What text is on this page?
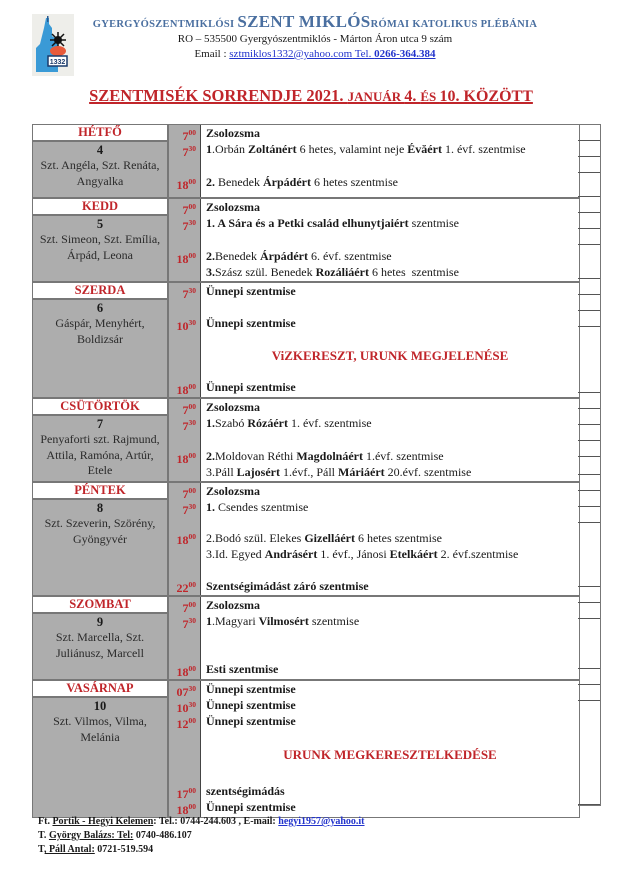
1332
GYERGYÓSZENTMIKLÓSI SZENT MIKLÓSRÓMAI KATOLIKUS PLÉBÁNIA
RO – 535500 Gyergyószentmiklós - Márton Áron utca 9 szám
Email : sztmiklos1332@yahoo.com Tel. 0266-364.384
SZENTMISÉK SORRENDJE 2021. JANUÁR 4. ÉS 10. KÖZÖTT
HÉTFŐ
4
Szt. Angéla, Szt. Renáta, Angyalka
$7^{00}$
$7^{30}$
$18^{00}$
Zsolozsma
1.Orbán Zoltánért 6 hetes, valamint neje Évăért 1. évf. szentmise
2. Benedek Árpádért 6 hetes szentmise
KEDD
5
Szt. Simeon, Szt. Emília, Árpád, Leona
$7^{00}$
$7^{30}$
$18^{00}$
Zsolozsma
1. A Sára és a Petki család elhunytjaiért szentmise
2.Benedek Árpádért 6. évf. szentmise
3.Szász szül. Benedek Rozáliáért 6 hetes  szentmise
SZERDA
6
Gáspár, Menyhért, Boldizsár
$7^{30}$
$10^{30}$
$18^{00}$
Ünnepi szentmise
Ünnepi szentmise
Ünnepi szentmise
ViZKERESZT, URUNK MEGJELENÉSE
CSÜTÖRTÖK
7
Penyaforti szt. Rajmund, Attila, Ramóna, Artúr, Etele
$7^{00}$
$7^{30}$
$18^{00}$
Zsolozsma
1.Szabó Rózáért 1. évf. szentmise
2.Moldovan Réthi Magdolnáért 1.évf. szentmise
3.Páll Lajosért 1.évf., Páll Máriáért 20.évf. szentmise
PÉNTEK
8
Szt. Szeverin, Szörény, Gyöngyvér
$7^{00}$
$7^{30}$
$18^{00}$
$22^{00}$
Zsolozsma
1. Csendes szentmise
2.Bodó szül. Elekes Gizelláért 6 hetes szentmise
3.Id. Egyed Andrásért 1. évf., Jánosi Etelkáért 2. évf.szentmise
Szentségimádást záró szentmise
SZOMBAT
9
Szt. Marcella, Szt. Juliánusz, Marcell
$7^{00}$
$7^{30}$
$18^{00}$
Zsolozsma
1.Magyari Vilmosért szentmise
Esti szentmise
VASÁRNAP
10
Szt. Vilmos, Vilma, Melánia
$07^{30}$
$10^{30}$
$12^{00}$
$17^{00}$
$18^{00}$
Ünnepi szentmise
Ünnepi szentmise
Ünnepi szentmise
szentségimádás
Ünnepi szentmise
URUNK MEGKERESZTELKEDÉSE
Ft. Portik - Hegyi Kelemen: Tel.: 0744-244.603 , E-mail: hegyi1957@yahoo.it
T. György Balázs: Tel: 0740-486.107
T, Páll Antal: 0721-519.594
